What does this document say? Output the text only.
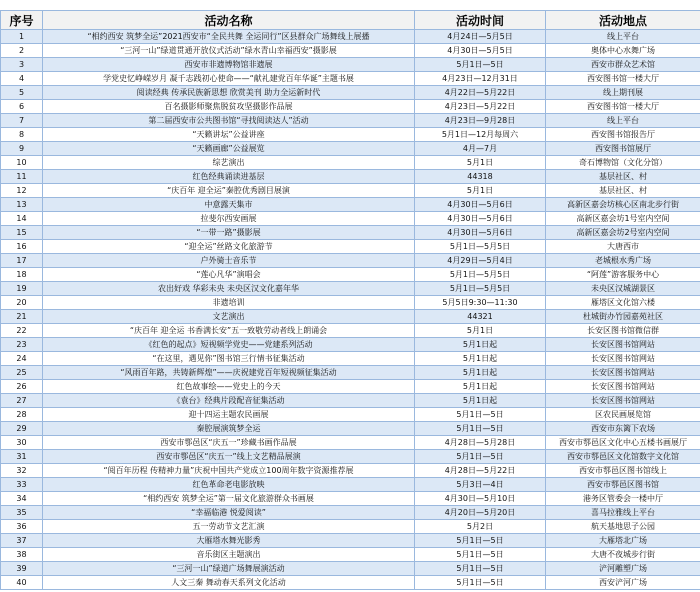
序号	活动名称	活动时间	活动地点
1	“相约西安 筑梦全运”2021西安市“全民共舞 全运同行”区县群众广场舞线上展播	4月24日—5月5日	线上平台
2	“三河一山”绿道贯通开放仪式活动”绿水青山幸福西安”摄影展	4月30日—5月5日	奥体中心水舞广场
3	西安市非遗博物馆非遗展	5月1日—5日	西安市群众艺术馆
4	学党史忆峥嵘岁月 凝千志践初心使命——“献礼建党百年华诞”主题书展	4月23日—12月31日	西安图书馆一楼大厅
5	阅读经典 传承民族新思想 欣赏美刊 助力全运新时代	4月22日—5月22日	线上期刊展
6	百名摄影师聚焦脱贫攻坚摄影作品展	4月23日—5月22日	西安图书馆一楼大厅
7	第二届西安市公共图书馆“寻找阅读达人”活动	4月23日—9月28日	线上平台
8	“天籁讲坛”公益讲座	5月1日—12月每周六	西安图书馆报告厅
9	“天籁画廊”公益展览	4月—7月	西安图书馆展厅
10	综艺演出	5月1日	奇石博物馆（文化分馆）
11	红色经典诵读进基层	44318	基层社区、村
12	“庆百年 迎全运”秦腔优秀剧目展演	5月1日	基层社区、村
13	中意露天集市	4月30日—5月6日	高新区嘉会坊核心区南北步行街
14	拉斐尔西安画展	4月30日—5月6日	高新区嘉会坊1号室内空间
15	“一带一路”摄影展	4月30日—5月6日	高新区嘉会坊2号室内空间
16	“迎全运”丝路文化旅游节	5月1日—5月5日	大唐西市
17	户外骑士音乐节	4月29日—5月4日	老城根水秀广场
18	“莲心凡华”演唱会	5月1日—5月5日	“阿莲”游客服务中心
19	农出好戏 华彩未央 未央区汉文化嘉年华	5月1日—5月5日	未央区汉城湖景区
20	非遗培训	5月5日9:30—11:30	雁塔区文化馆六楼
21	文艺演出	44321	杜城街办竹园嘉苑社区
22	“庆百年 迎全运 书香满长安”五一致敬劳动者线上朗诵会	5月1日	长安区图书馆微信群
23	《红色的起点》短视频学党史——党建系列活动	5月1日起	长安区图书馆网站
24	“在这里，遇见你”图书馆三行情书征集活动	5月1日起	长安区图书馆网站
25	“风雨百年路，共铸新辉煌”——庆祝建党百年短视频征集活动	5月1日起	长安区图书馆网站
26	红色故事绘——党史上的今天	5月1日起	长安区图书馆网站
27	《袁台》经典片段配音征集活动	5月1日起	长安区图书馆网站
28	迎十四运主题农民画展	5月1日—5日	区农民画展览馆
29	秦腔展演筑梦全运	5月1日—5日	西安市东篱下农场
30	西安市鄠邑区“庆五一”珍藏书画作品展	4月28日—5月28日	西安市鄠邑区文化中心五楼书画展厅
31	西安市鄠邑区“庆五一”线上文艺精品展演	5月1日—5日	西安市鄠邑区文化馆数字文化馆
32	“阅百年历程 传精神力量”庆祝中国共产党成立100周年数字资源推荐展	4月28日—5月22日	西安市鄠邑区图书馆线上
33	红色革命老电影放映	5月3日—4日	西安市鄠邑区图书馆
34	“相约西安 筑梦全运”第一届文化旅游群众书画展	4月30日—5月10日	港务区管委会一楼中厅
35	“幸福临港 悦爱阅读”	4月20日—5月20日	喜马拉雅线上平台
36	五一劳动节文艺汇演	5月2日	航天基地思子公园
37	大雁塔水舞光影秀	5月1日—5日	大雁塔北广场
38	音乐街区主题演出	5月1日—5日	大唐不夜城步行街
39	“三河一山”绿道广场舞展演活动	5月1日—5日	浐河雕塑广场
40	人文三秦 舞动春天系列文化活动	5月1日—5日	西安浐河广场
